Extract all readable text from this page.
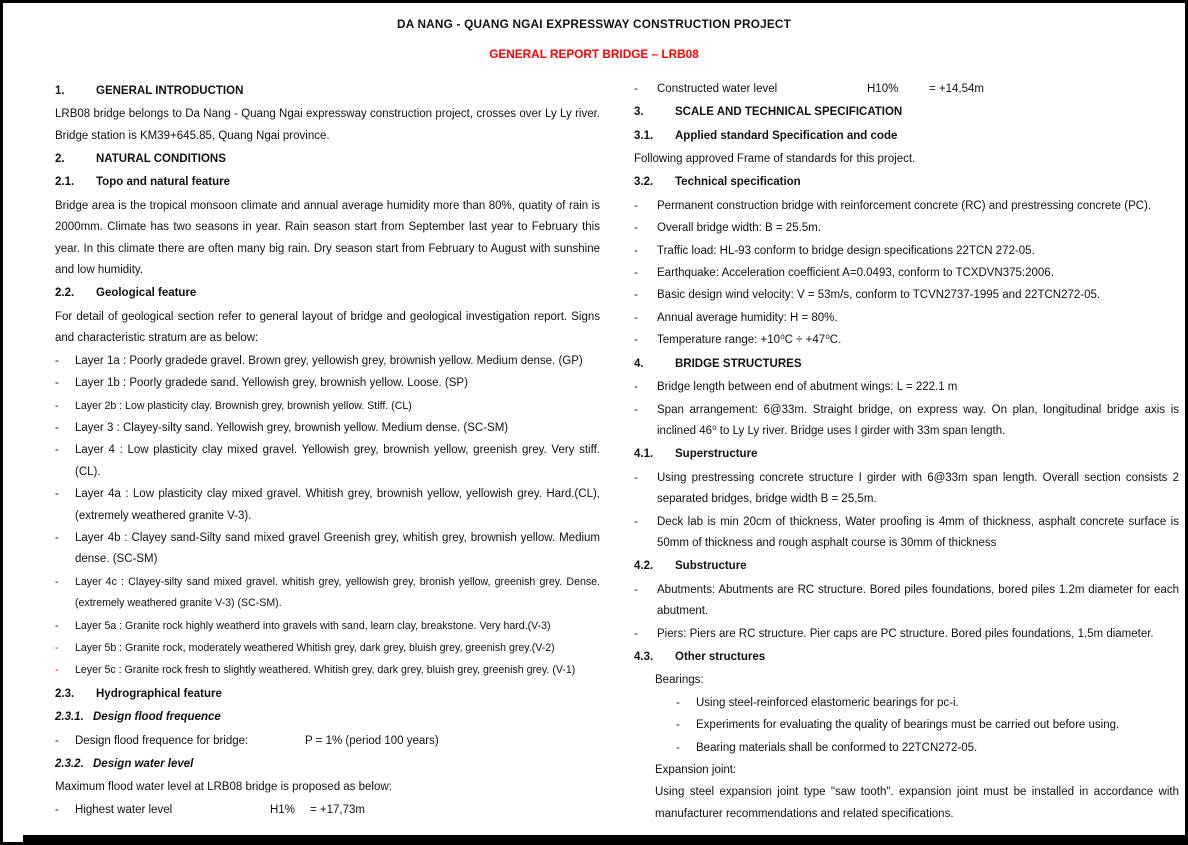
DA NANG - QUANG NGAI EXPRESSWAY CONSTRUCTION PROJECT
GENERAL REPORT BRIDGE – LRB08
1.	GENERAL INTRODUCTION

LRB08 bridge belongs to Da Nang - Quang Ngai expressway construction project, crosses over Ly Ly river. Bridge station is KM39+645.85, Quang Ngai province.

2.	NATURAL CONDITIONS
2.1.	Topo and natural feature

Bridge area is the tropical monsoon climate and annual average humidity more than 80%, quatity of rain is 2000mm. Climate has two seasons in year. Rain season start from September last year to February this year. In this climate there are often many big rain. Dry season start from February to August with sunshine and low humidity.

2.2.	Geological feature

For detail of geological section refer to general layout of bridge and geological investigation report. Signs and characteristic stratum are as below:

-	Layer 1a : Poorly gradede gravel. Brown grey, yellowish grey, brownish yellow. Medium dense. (GP)
-	Layer 1b : Poorly gradede sand. Yellowish grey, brownish yellow. Loose. (SP)
-	Layer 2b : Low plasticity clay. Brownish grey, brownish yellow. Stiff. (CL)
-	Layer 3 : Clayey-silty sand. Yellowish grey, brownish yellow. Medium dense. (SC-SM)
-	Layer 4 : Low plasticity clay mixed gravel. Yellowish grey, brownish yellow, greenish grey. Very stiff. (CL).
-	Layer 4a : Low plasticity clay mixed gravel. Whitish grey, brownish yellow, yellowish grey. Hard.(CL), (extremely weathered granite V-3).
-	Layer 4b : Clayey sand-Silty sand mixed gravel Greenish grey, whitish grey, brownish yellow. Medium dense. (SC-SM)
-	Layer 4c : Clayey-silty sand mixed gravel. whitish grey, yellowish grey, bronish yellow, greenish grey. Dense.(extremely weathered granite V-3) (SC-SM).
-	Layer 5a : Granite rock highly weatherd into gravels with sand, learn clay, breakstone. Very hard.(V-3)
-	Layer 5b : Granite rock, moderately weathered Whitish grey, dark grey, bluish grey, greenish grey.(V-2)
-	Leyer 5c : Granite rock fresh to slightly weathered. Whitish grey, dark grey, bluish grey, greenish grey. (V-1)
2.3.	Hydrographical feature
2.3.1. Design flood frequence
-	Design flood frequence for bridge:	P = 1% (period 100 years)
2.3.2. Design water level

Maximum flood water level at LRB08 bridge is proposed as below:

-	Highest water level	H1%	= +17,73m
-	Constructed water level	H10%	= +14,54m
3.	SCALE AND TECHNICAL SPECIFICATION
3.1.	Applied standard Specification and code

Following approved Frame of standards for this project.

3.2.	Technical specification
-	Permanent construction bridge with reinforcement concrete (RC) and prestressing concrete (PC).
-	Overall bridge width: B = 25.5m.
-	Traffic load: HL-93 conform to bridge design specifications 22TCN 272-05.
-	Earthquake: Acceleration coefficient A=0.0493, conform to TCXDVN375:2006.
-	Basic design wind velocity: V = 53m/s, conform to TCVN2737-1995 and 22TCN272-05.
-	Annual average humidity: H = 80%.
-	Temperature range: +10⁰C ÷ +47⁰C.
4.	BRIDGE STRUCTURES
-	Bridge length between end of abutment wings: L = 222.1 m
-	Span arrangement: 6@33m. Straight bridge, on express way. On plan, longitudinal bridge axis is inclined 46⁰ to Ly Ly river. Bridge uses I girder with 33m span length.
4.1.	Superstructure
-	Using prestressing concrete structure I girder with 6@33m span length. Overall section consists 2 separated bridges, bridge width B = 25,5m.
-	Deck lab is min 20cm of thickness, Water proofing is 4mm of thickness, asphalt concrete surface is 50mm of thickness and rough asphalt course is 30mm of thickness
4.2.	Substructure
-	Abutments: Abutments are RC structure. Bored piles foundations, bored piles 1.2m diameter for each abutment.
-	Piers: Piers are RC structure. Pier caps are PC structure. Bored piles foundations, 1.5m diameter.
4.3.	Other structures
Bearings:
-	Using steel-reinforced elastomeric bearings for pc-i.
-	Experiments for evaluating the quality of bearings must be carried out before using.
-	Bearing materials shall be conformed to 22TCN272-05.
Expansion joint:

Using steel expansion joint type "saw tooth". expansion joint must be installed in accordance with manufacturer recommendations and related specifications.
